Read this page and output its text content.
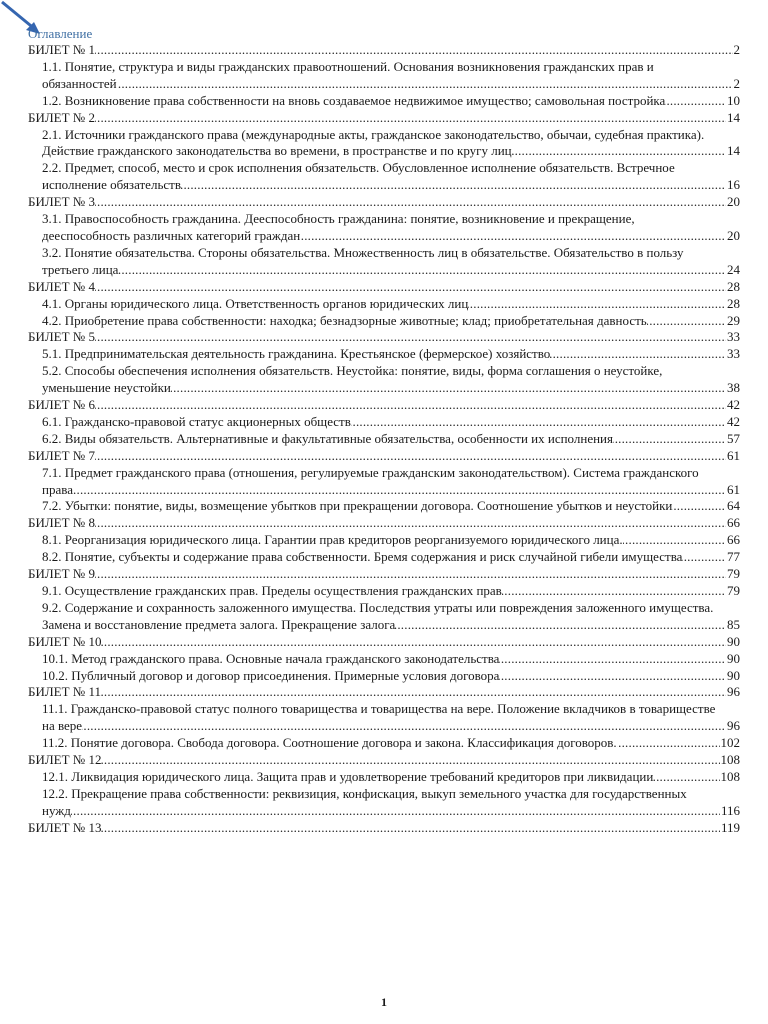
Оглавление
БИЛЕТ № 1	2
.....
1.1. Понятие, структура и виды гражданских правоотношений. Основания возникновения гражданских прав и обязанностей	2
.....
1.2. Возникновение права собственности на вновь создаваемое недвижимое имущество; самовольная постройка	10
.....
БИЛЕТ № 2	14
.....
2.1. Источники гражданского права (международные акты, гражданское законодательство, обычаи, судебная практика). Действие гражданского законодательства во времени, в пространстве и по кругу лиц	14
.....
2.2. Предмет, способ, место и срок исполнения обязательств. Обусловленное исполнение обязательств. Встречное исполнение обязательств	16
.....
БИЛЕТ № 3	20
.....
3.1. Правоспособность гражданина. Дееспособность гражданина: понятие, возникновение и прекращение, дееспособность различных категорий граждан	20
.....
3.2. Понятие обязательства. Стороны обязательства. Множественность лиц в обязательстве. Обязательство в пользу третьего лица	24
.....
БИЛЕТ № 4	28
.....
4.1. Органы юридического лица. Ответственность органов юридических лиц	28
.....
4.2. Приобретение права собственности: находка; безнадзорные животные; клад; приобретательная давность	29
.....
БИЛЕТ № 5	33
.....
5.1. Предпринимательская деятельность гражданина. Крестьянское (фермерское) хозяйство	33
.....
5.2. Способы обеспечения исполнения обязательств. Неустойка: понятие, виды, форма соглашения о неустойке, уменьшение неустойки	38
.....
БИЛЕТ № 6	42
.....
6.1. Гражданско-правовой статус акционерных обществ	42
.....
6.2. Виды обязательств. Альтернативные и факультативные обязательства, особенности их исполнения	57
.....
БИЛЕТ № 7	61
.....
7.1. Предмет гражданского права (отношения, регулируемые гражданским законодательством). Система гражданского права	61
.....
7.2. Убытки: понятие, виды, возмещение убытков при прекращении договора. Соотношение убытков и неустойки	64
.....
БИЛЕТ № 8	66
.....
8.1. Реорганизация юридического лица. Гарантии прав кредиторов реорганизуемого юридического лица.	66
.....
8.2. Понятие, субъекты и содержание права собственности. Бремя содержания и риск случайной гибели имущества	77
.....
БИЛЕТ № 9	79
.....
9.1. Осуществление гражданских прав. Пределы осуществления гражданских прав	79
.....
9.2. Содержание и сохранность заложенного имущества. Последствия утраты или повреждения заложенного имущества. Замена и восстановление предмета залога. Прекращение залога	85
.....
БИЛЕТ № 10	90
.....
10.1. Метод гражданского права. Основные начала гражданского законодательства	90
.....
10.2. Публичный договор и договор присоединения. Примерные условия договора	90
.....
БИЛЕТ № 11	96
.....
11.1. Гражданско-правовой статус полного товарищества и товарищества на вере. Положение вкладчиков в товариществе на вере	96
.....
11.2. Понятие договора. Свобода договора. Соотношение договора и закона. Классификация договоров.	102
.....
БИЛЕТ № 12	108
.....
12.1. Ликвидация юридического лица. Защита прав и удовлетворение требований кредиторов при ликвидации	108
.....
12.2. Прекращение права собственности: реквизиция, конфискация, выкуп земельного участка для государственных нужд	116
.....
БИЛЕТ № 13	119
.....
1
